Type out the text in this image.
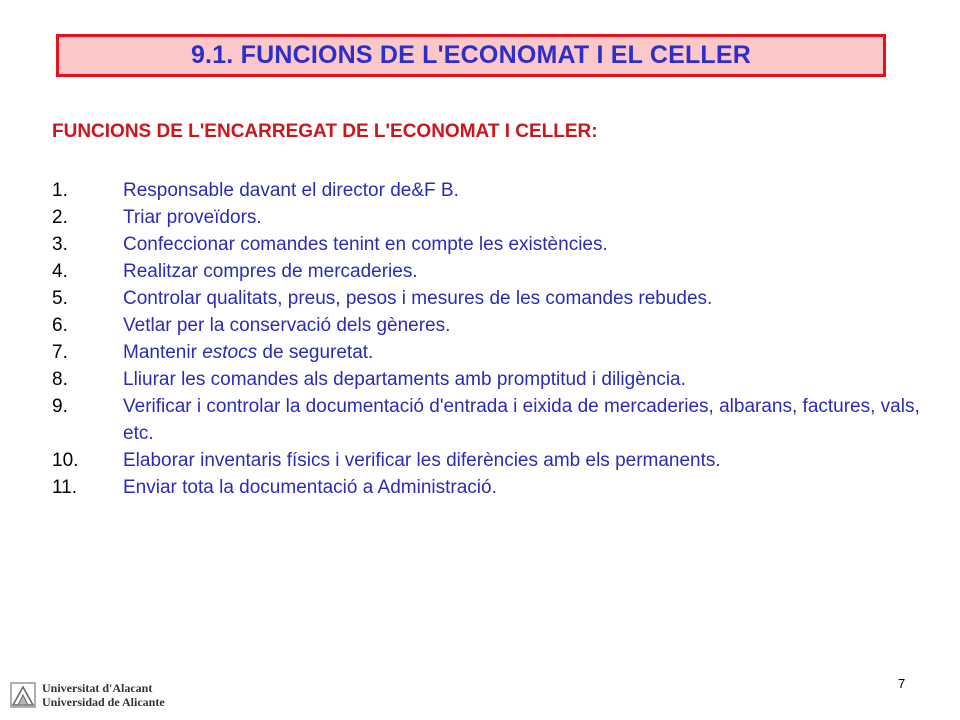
9.1. FUNCIONS DE L'ECONOMAT I EL CELLER
FUNCIONS DE L'ENCARREGAT DE L'ECONOMAT I CELLER:
1.	Responsable davant el director de&F B.
2.	Triar proveïdors.
3.	Confeccionar comandes tenint en compte les existències.
4.	Realitzar compres de mercaderies.
5.	Controlar qualitats, preus, pesos i mesures de les comandes rebudes.
6.	Vetlar per la conservació dels gèneres.
7.	Mantenir estocs de seguretat.
8.	Lliurar les comandes als departaments amb promptitud i diligència.
9.	Verificar i controlar la documentació d'entrada i eixida de mercaderies, albarans, factures, vals, etc.
10.	Elaborar inventaris físics i verificar les diferències amb els permanents.
11.	Enviar tota la documentació a Administració.
Universitat d'Alacant
Universidad de Alicante
7
